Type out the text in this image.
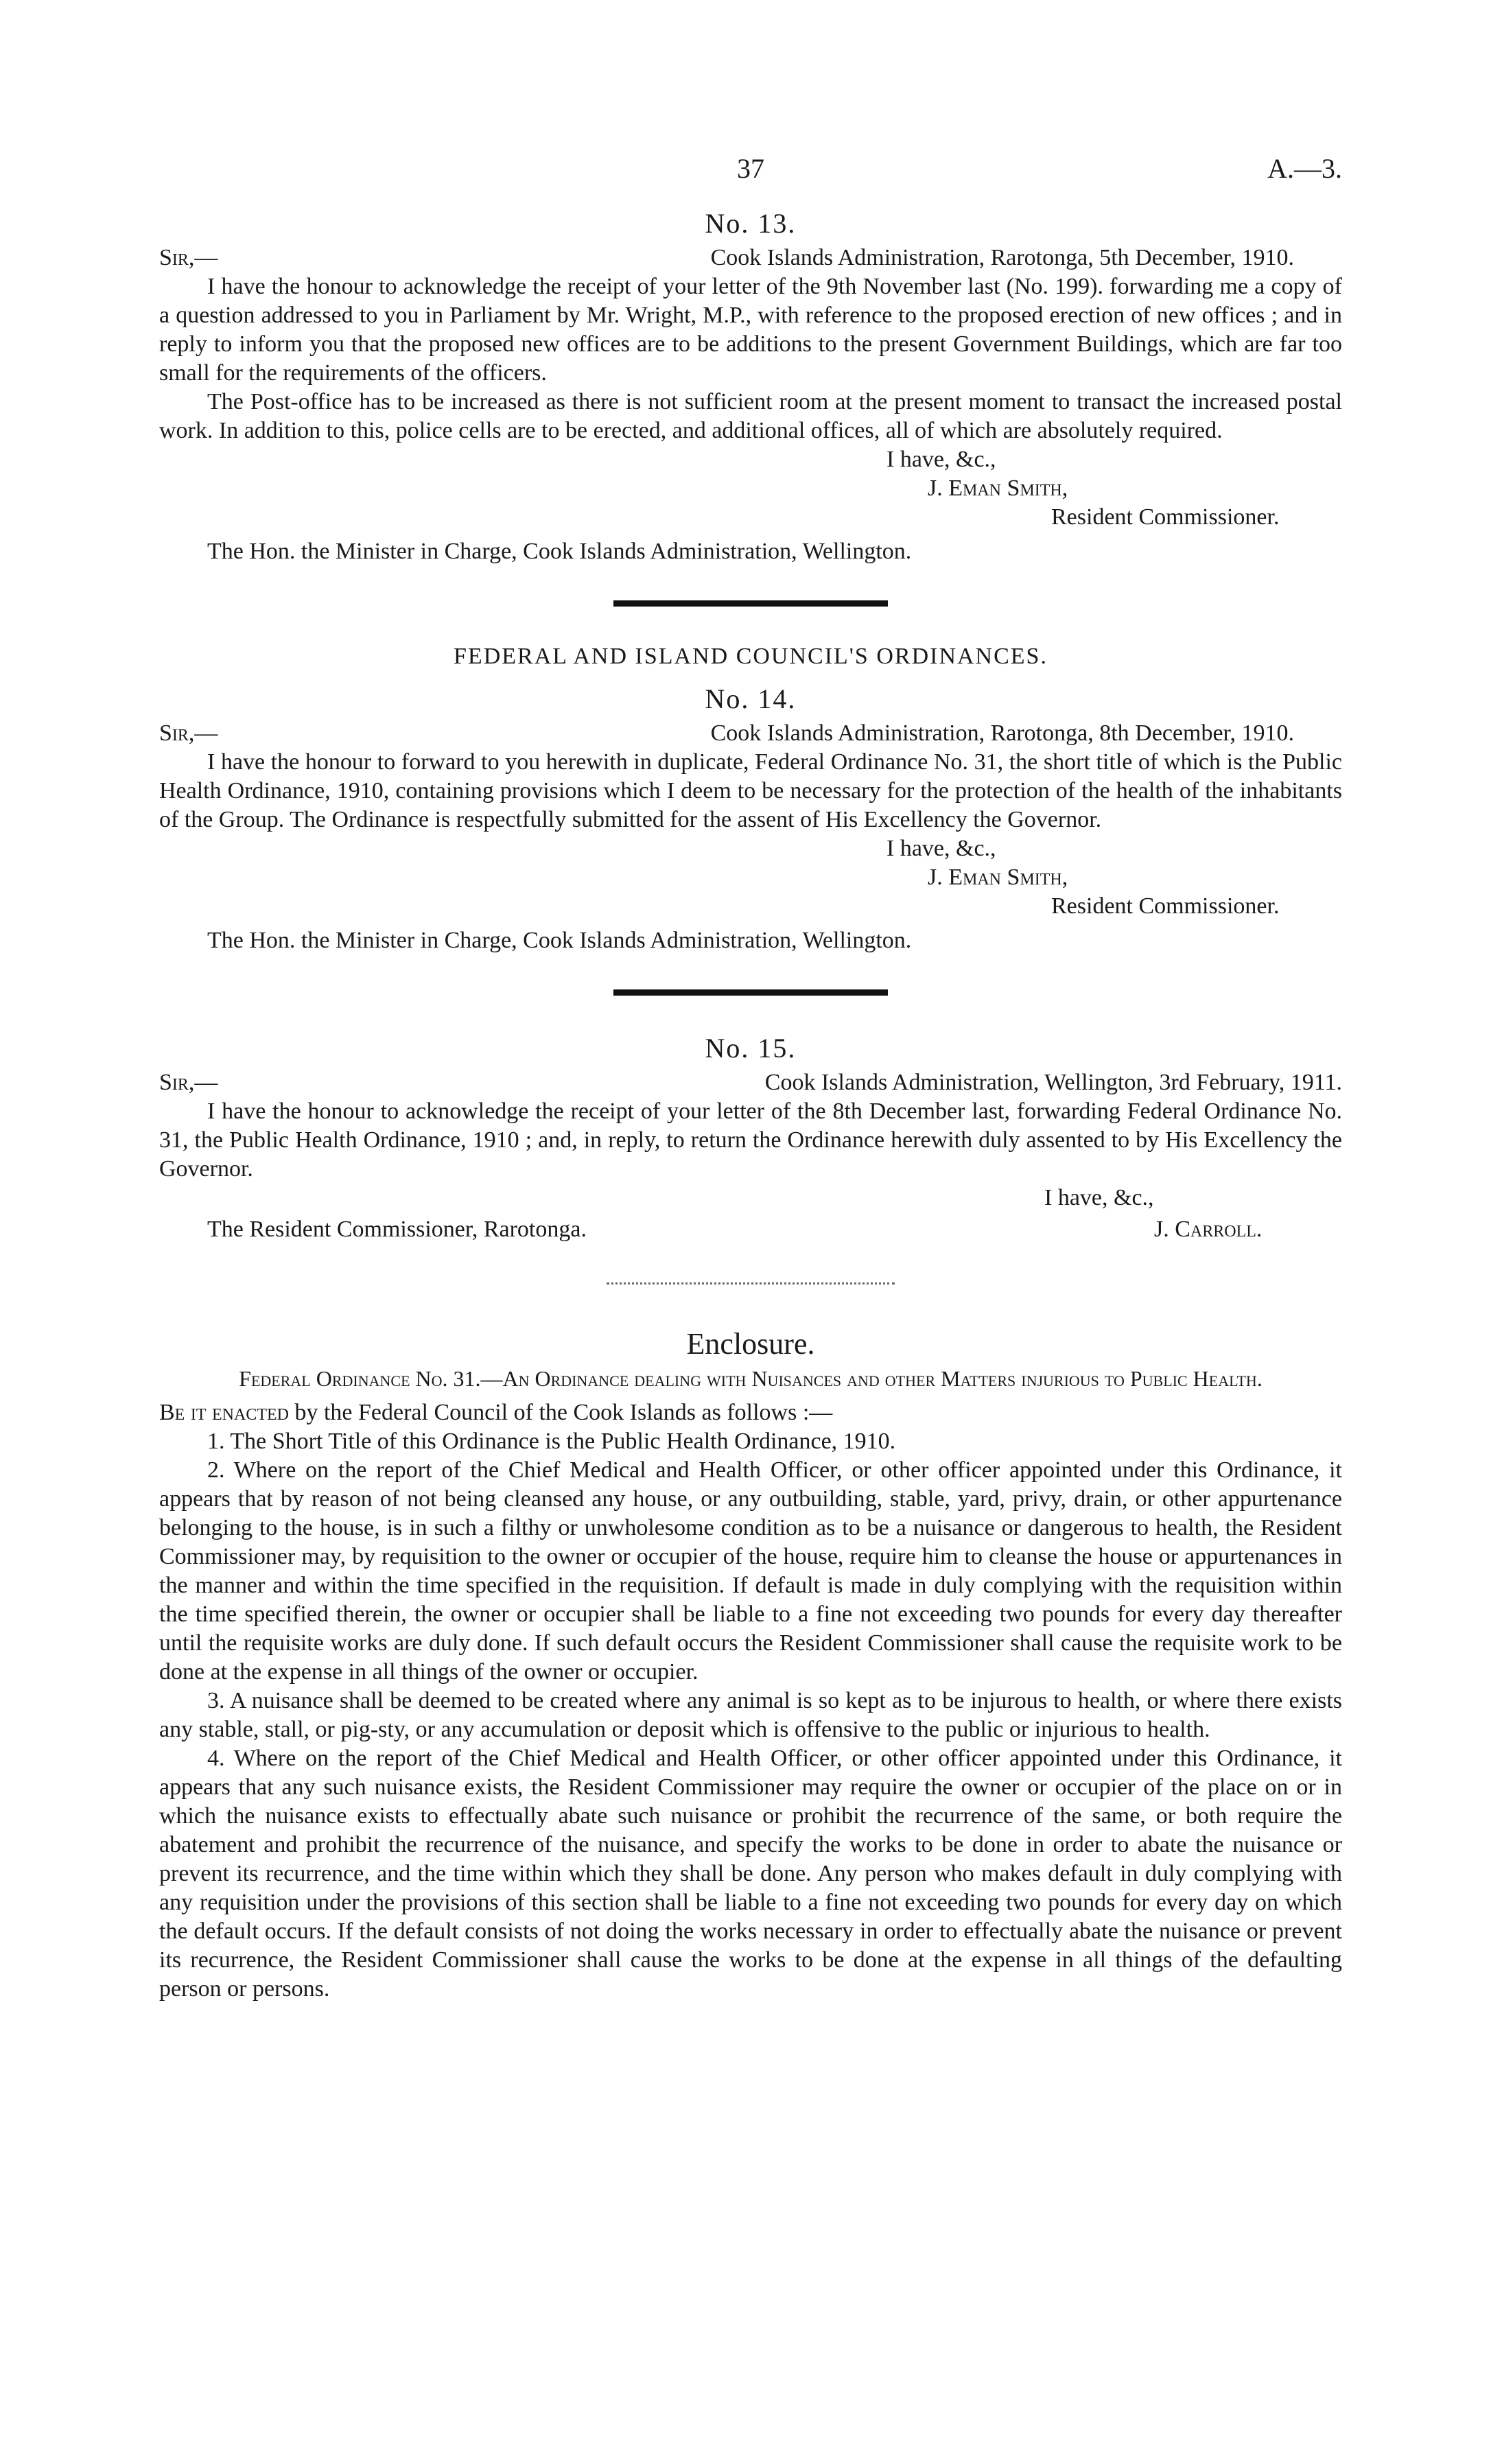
37	A.—3.
No. 13.
Sir,—	Cook Islands Administration, Rarotonga, 5th December, 1910.

I have the honour to acknowledge the receipt of your letter of the 9th November last (No. 199). forwarding me a copy of a question addressed to you in Parliament by Mr. Wright, M.P., with reference to the proposed erection of new offices ; and in reply to inform you that the proposed new offices are to be additions to the present Government Buildings, which are far too small for the requirements of the officers.

The Post-office has to be increased as there is not sufficient room at the present moment to transact the increased postal work. In addition to this, police cells are to be erected, and additional offices, all of which are absolutely required.

I have, &c.,
J. Eman Smith,
Resident Commissioner.
The Hon. the Minister in Charge, Cook Islands Administration, Wellington.
FEDERAL AND ISLAND COUNCIL'S ORDINANCES.
No. 14.
Sir,—	Cook Islands Administration, Rarotonga, 8th December, 1910.

I have the honour to forward to you herewith in duplicate, Federal Ordinance No. 31, the short title of which is the Public Health Ordinance, 1910, containing provisions which I deem to be necessary for the protection of the health of the inhabitants of the Group. The Ordinance is respectfully submitted for the assent of His Excellency the Governor.

I have, &c.,
J. Eman Smith,
Resident Commissioner.
The Hon. the Minister in Charge, Cook Islands Administration, Wellington.
No. 15.
Sir,—	Cook Islands Administration, Wellington, 3rd February, 1911.

I have the honour to acknowledge the receipt of your letter of the 8th December last, forwarding Federal Ordinance No. 31, the Public Health Ordinance, 1910 ; and, in reply, to return the Ordinance herewith duly assented to by His Excellency the Governor.

I have, &c.,
The Resident Commissioner, Rarotonga.	J. Carroll.
Enclosure.
Federal Ordinance No. 31.—An Ordinance dealing with Nuisances and other Matters injurious to Public Health.

Be it enacted by the Federal Council of the Cook Islands as follows :—

1. The Short Title of this Ordinance is the Public Health Ordinance, 1910.

2. Where on the report of the Chief Medical and Health Officer, or other officer appointed under this Ordinance, it appears that by reason of not being cleansed any house, or any outbuilding, stable, yard, privy, drain, or other appurtenance belonging to the house, is in such a filthy or unwholesome condition as to be a nuisance or dangerous to health, the Resident Commissioner may, by requisition to the owner or occupier of the house, require him to cleanse the house or appurtenances in the manner and within the time specified in the requisition. If default is made in duly complying with the requisition within the time specified therein, the owner or occupier shall be liable to a fine not exceeding two pounds for every day thereafter until the requisite works are duly done. If such default occurs the Resident Commissioner shall cause the requisite work to be done at the expense in all things of the owner or occupier.

3. A nuisance shall be deemed to be created where any animal is so kept as to be injurous to health, or where there exists any stable, stall, or pig-sty, or any accumulation or deposit which is offensive to the public or injurious to health.

4. Where on the report of the Chief Medical and Health Officer, or other officer appointed under this Ordinance, it appears that any such nuisance exists, the Resident Commissioner may require the owner or occupier of the place on or in which the nuisance exists to effectually abate such nuisance or prohibit the recurrence of the same, or both require the abatement and prohibit the recurrence of the nuisance, and specify the works to be done in order to abate the nuisance or prevent its recurrence, and the time within which they shall be done. Any person who makes default in duly complying with any requisition under the provisions of this section shall be liable to a fine not exceeding two pounds for every day on which the default occurs. If the default consists of not doing the works necessary in order to effectually abate the nuisance or prevent its recurrence, the Resident Commissioner shall cause the works to be done at the expense in all things of the defaulting person or persons.
